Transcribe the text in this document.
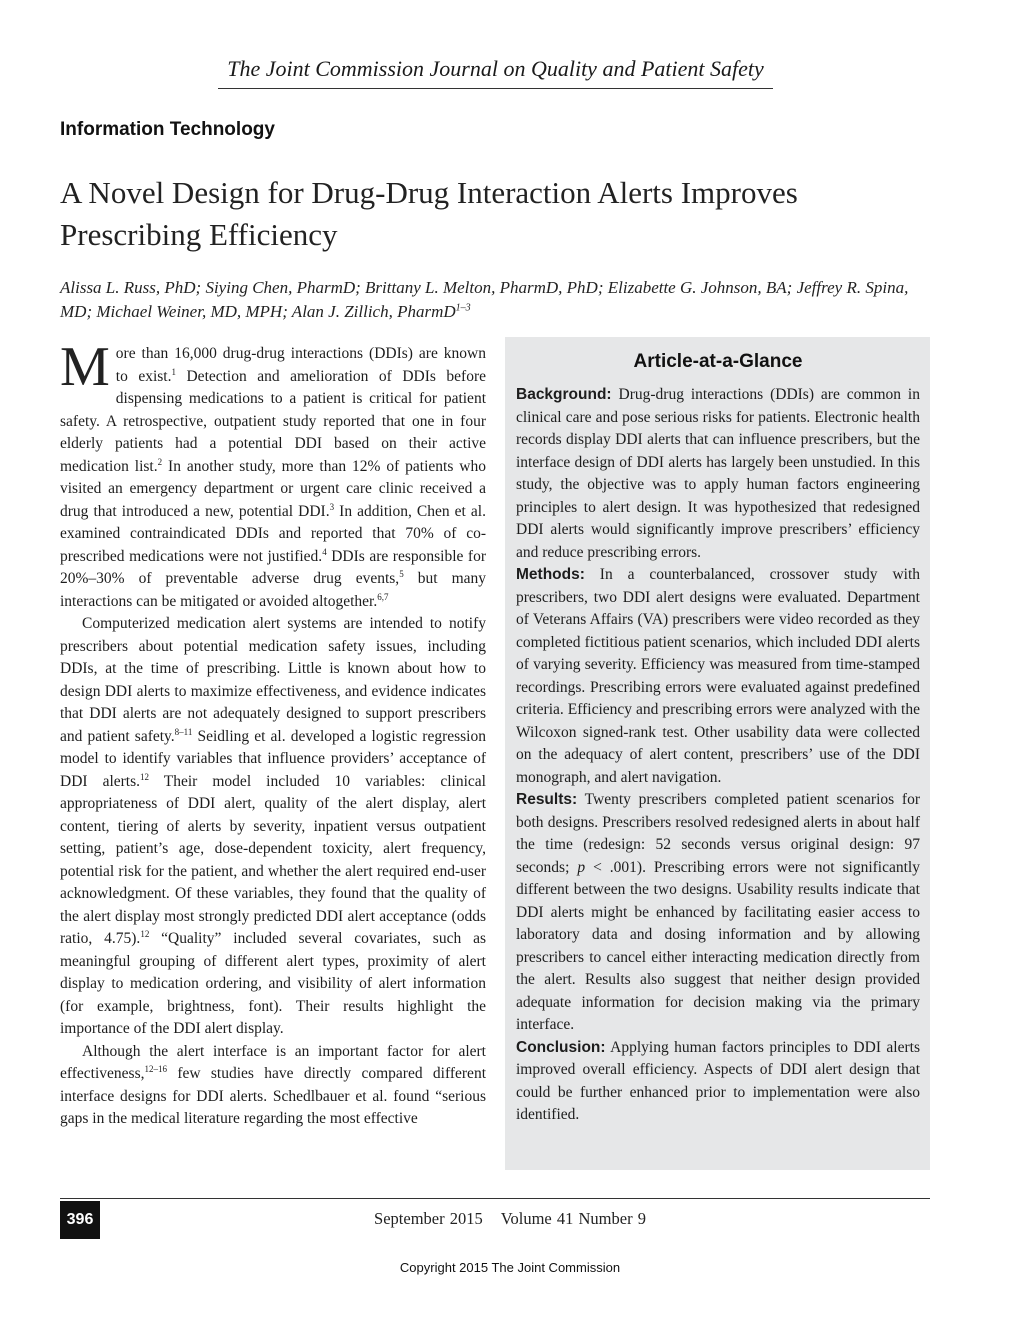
The Joint Commission Journal on Quality and Patient Safety
Information Technology
A Novel Design for Drug-Drug Interaction Alerts Improves Prescribing Efficiency
Alissa L. Russ, PhD; Siying Chen, PharmD; Brittany L. Melton, PharmD, PhD; Elizabette G. Johnson, BA; Jeffrey R. Spina, MD; Michael Weiner, MD, MPH; Alan J. Zillich, PharmD$^{1-3}$

More than 16,000 drug-drug interactions (DDIs) are known to exist.$^1$ Detection and amelioration of DDIs before dispensing medications to a patient is critical for patient safety. A retrospective, outpatient study reported that one in four elderly patients had a potential DDI based on their active medication list.$^2$ In another study, more than 12% of patients who visited an emergency department or urgent care clinic received a drug that introduced a new, potential DDI.$^3$ In addition, Chen et al. examined contraindicated DDIs and reported that 70% of co-prescribed medications were not justified.$^4$ DDIs are responsible for 20%–30% of preventable adverse drug events,$^5$ but many interactions can be mitigated or avoided altogether.$^{6,7}$

Computerized medication alert systems are intended to notify prescribers about potential medication safety issues, including DDIs, at the time of prescribing. Little is known about how to design DDI alerts to maximize effectiveness, and evidence indicates that DDI alerts are not adequately designed to support prescribers and patient safety.$^{8-11}$ Seidling et al. developed a logistic regression model to identify variables that influence providers’ acceptance of DDI alerts.$^{12}$ Their model included 10 variables: clinical appropriateness of DDI alert, quality of the alert display, alert content, tiering of alerts by severity, inpatient versus outpatient setting, patient’s age, dose-dependent toxicity, alert frequency, potential risk for the patient, and whether the alert required end-user acknowledgment. Of these variables, they found that the quality of the alert display most strongly predicted DDI alert acceptance (odds ratio, 4.75).$^{12}$ “Quality” included several covariates, such as meaningful grouping of different alert types, proximity of alert display to medication ordering, and visibility of alert information (for example, brightness, font). Their results highlight the importance of the DDI alert display.

Although the alert interface is an important factor for alert effectiveness,$^{12-16}$ few studies have directly compared different interface designs for DDI alerts. Schedlbauer et al. found “serious gaps in the medical literature regarding the most effective

Article-at-a-Glance

Background: Drug-drug interactions (DDIs) are common in clinical care and pose serious risks for patients. Electronic health records display DDI alerts that can influence prescribers, but the interface design of DDI alerts has largely been unstudied. In this study, the objective was to apply human factors engineering principles to alert design. It was hypothesized that redesigned DDI alerts would significantly improve prescribers’ efficiency and reduce prescribing errors.

Methods: In a counterbalanced, crossover study with prescribers, two DDI alert designs were evaluated. Department of Veterans Affairs (VA) prescribers were video recorded as they completed fictitious patient scenarios, which included DDI alerts of varying severity. Efficiency was measured from time-stamped recordings. Prescribing errors were evaluated against predefined criteria. Efficiency and prescribing errors were analyzed with the Wilcoxon signed-rank test. Other usability data were collected on the adequacy of alert content, prescribers’ use of the DDI monograph, and alert navigation.

Results: Twenty prescribers completed patient scenarios for both designs. Prescribers resolved redesigned alerts in about half the time (redesign: 52 seconds versus original design: 97 seconds; p < .001). Prescribing errors were not significantly different between the two designs. Usability results indicate that DDI alerts might be enhanced by facilitating easier access to laboratory data and dosing information and by allowing prescribers to cancel either interacting medication directly from the alert. Results also suggest that neither design provided adequate information for decision making via the primary interface.

Conclusion: Applying human factors principles to DDI alerts improved overall efficiency. Aspects of DDI alert design that could be further enhanced prior to implementation were also identified.

396	September 2015 Volume 41 Number 9
Copyright 2015 The Joint Commission
